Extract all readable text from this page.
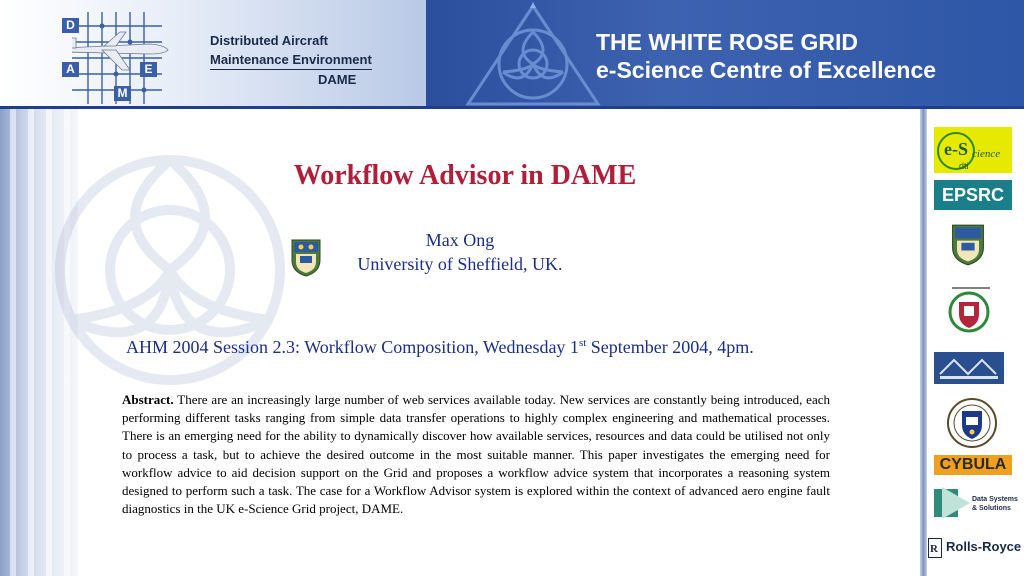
D
A	E
M
Distributed Aircraft
Maintenance Environment
DAME
THE WHITE ROSE GRID
e-Science Centre of Excellence
Workflow Advisor in DAME
Max Ong
University of Sheffield, UK.
AHM 2004 Session 2.3: Workflow Composition, Wednesday 1st September 2004, 4pm.
Abstract. There are an increasingly large number of web services available today. New services are constantly being introduced, each performing different tasks ranging from simple data transfer operations to highly complex engineering and mathematical processes. There is an emerging need for the ability to dynamically discover how available services, resources and data could be utilised not only to process a task, but to achieve the desired outcome in the most suitable manner. This paper investigates the emerging need for workflow advice to aid decision support on the Grid and proposes a workflow advice system that incorporates a reasoning system designed to perform such a task. The case for a Workflow Advisor system is explored within the context of advanced aero engine fault diagnostics in the UK e-Science Grid project, DAME.
e-S cience
dti
EPSRC
CYBULA
Data Systems
& Solutions
R Rolls-Royce
